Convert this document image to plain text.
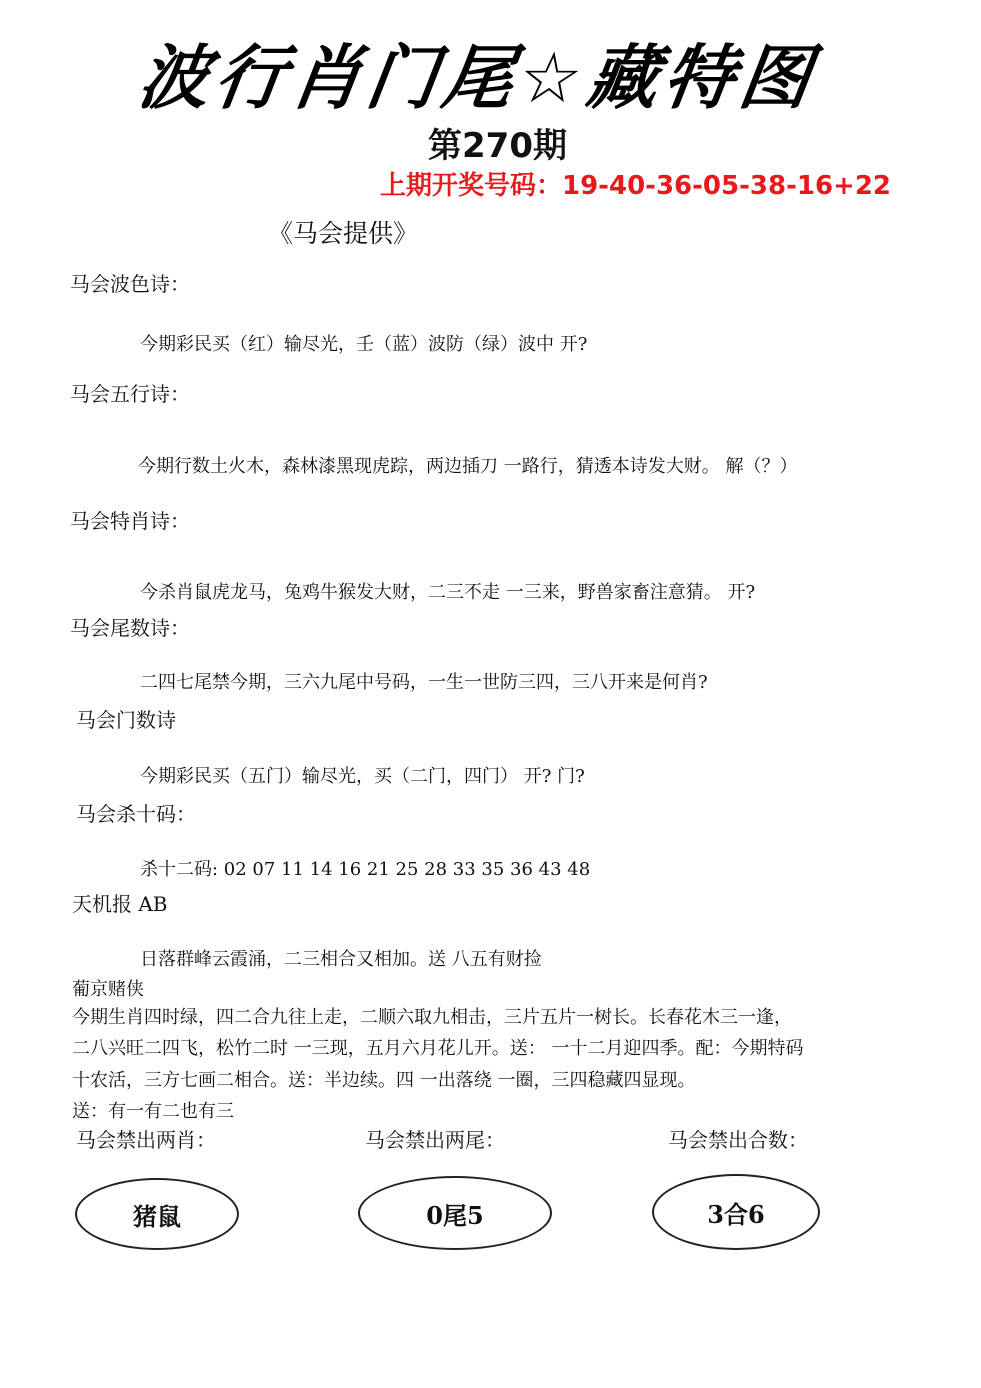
波行肖门尾☆藏特图
第270期
上期开奖号码：19-40-36-05-38-16+22
《马会提供》
马会波色诗：
今期彩民买（红）输尽光，壬（蓝）波防（绿）波中 开?
马会五行诗：
今期行数土火木，森林漆黑现虎踪，两边插刀 一路行，猜透本诗发大财。 解（？）
马会特肖诗：
今杀肖鼠虎龙马，兔鸡牛猴发大财，二三不走 一三来，野兽家畜注意猜。 开?
马会尾数诗：
二四七尾禁今期，三六九尾中号码，一生一世防三四，三八开来是何肖?
马会门数诗
今期彩民买（五门）输尽光，买（二门，四门） 开? 门?
马会杀十码：
杀十二码: 02 07 11 14 16 21 25 28 33 35 36 43 48
天机报 AB
日落群峰云霞涌，二三相合又相加。送 八五有财捡
葡京赌侠
今期生肖四时绿，四二合九往上走，二顺六取九相击，三片五片一树长。长春花木三一逢，
二八兴旺二四飞，松竹二时 一三现，五月六月花儿开。送： 一十二月迎四季。配：今期特码
十农活，三方七画二相合。送：半边续。四 一出落绕 一圈，三四稳藏四显现。
送：有一有二也有三
马会禁出两肖：	马会禁出两尾：	马会禁出合数：
猪鼠	0尾5	3合6
